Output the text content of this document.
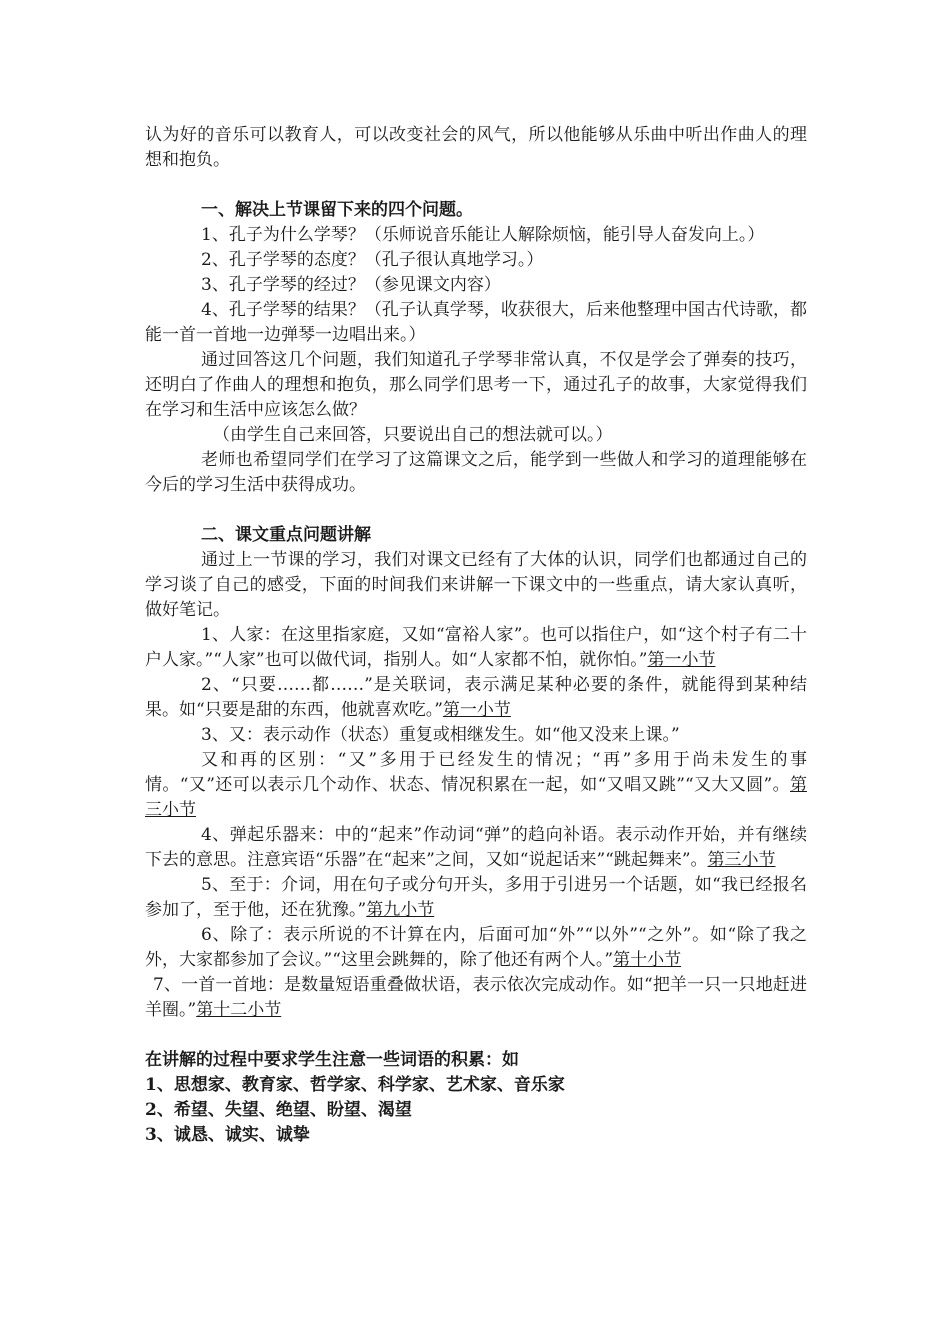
认为好的音乐可以教育人，可以改变社会的风气，所以他能够从乐曲中听出作曲人的理想和抱负。

一、解决上节课留下来的四个问题。

1、孔子为什么学琴？（乐师说音乐能让人解除烦恼，能引导人奋发向上。）

2、孔子学琴的态度？（孔子很认真地学习。）

3、孔子学琴的经过？（参见课文内容）

4、孔子学琴的结果？（孔子认真学琴，收获很大，后来他整理中国古代诗歌，都能一首一首地一边弹琴一边唱出来。）

通过回答这几个问题，我们知道孔子学琴非常认真，不仅是学会了弹奏的技巧，还明白了作曲人的理想和抱负，那么同学们思考一下，通过孔子的故事，大家觉得我们在学习和生活中应该怎么做？

（由学生自己来回答，只要说出自己的想法就可以。）

老师也希望同学们在学习了这篇课文之后，能学到一些做人和学习的道理能够在今后的学习生活中获得成功。

二、课文重点问题讲解

通过上一节课的学习，我们对课文已经有了大体的认识，同学们也都通过自己的学习谈了自己的感受，下面的时间我们来讲解一下课文中的一些重点，请大家认真听，做好笔记。

1、人家：在这里指家庭，又如“富裕人家”。也可以指住户，如“这个村子有二十户人家。”“人家”也可以做代词，指别人。如“人家都不怕，就你怕。”第一小节

2、“只要……都……”是关联词，表示满足某种必要的条件，就能得到某种结果。如“只要是甜的东西，他就喜欢吃。”第一小节

3、又：表示动作（状态）重复或相继发生。如“他又没来上课。”

又和再的区别：“又”多用于已经发生的情况；“再”多用于尚未发生的事情。“又”还可以表示几个动作、状态、情况积累在一起，如“又唱又跳”“又大又圆”。第三小节

4、弹起乐器来：中的“起来”作动词“弹”的趋向补语。表示动作开始，并有继续下去的意思。注意宾语“乐器”在“起来”之间，又如“说起话来”“跳起舞来”。第三小节

5、至于：介词，用在句子或分句开头，多用于引进另一个话题，如“我已经报名参加了，至于他，还在犹豫。”第九小节

6、除了：表示所说的不计算在内，后面可加“外”“以外”“之外”。如“除了我之外，大家都参加了会议。”“这里会跳舞的，除了他还有两个人。”第十小节

7、一首一首地：是数量短语重叠做状语，表示依次完成动作。如“把羊一只一只地赶进羊圈。”第十二小节

在讲解的过程中要求学生注意一些词语的积累：如

1、思想家、教育家、哲学家、科学家、艺术家、音乐家

2、希望、失望、绝望、盼望、渴望

3、诚恳、诚实、诚挚
